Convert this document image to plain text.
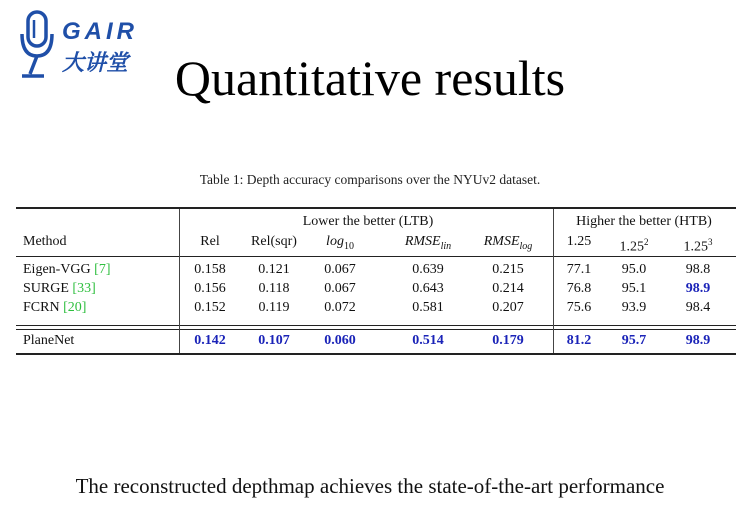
GAIR
大讲堂 Quantitative results
Table 1: Depth accuracy comparisons over the NYUv2 dataset.
Lower the better (LTB)	Higher the better (HTB)
Method	Rel Rel(sqr) $\log_{10}$	$RMSE_{lin}$ $RMSE_{log}$ 1.25 1.25$^2$	1.25$^3$
Eigen-VGG [7]	0.158 0.121 0.067	0.639	0.215	77.1 95.0	98.8
SURGE [33]	0.156 0.118 0.067	0.643	0.214	76.8 95.1	98.9
FCRN [20]	0.152 0.119 0.072	0.581	0.207	75.6 93.9	98.4
PlaneNet	0.142 0.107 0.060	0.514	0.179	81.2 95.7	98.9
The reconstructed depthmap achieves the state-of-the-art performance
